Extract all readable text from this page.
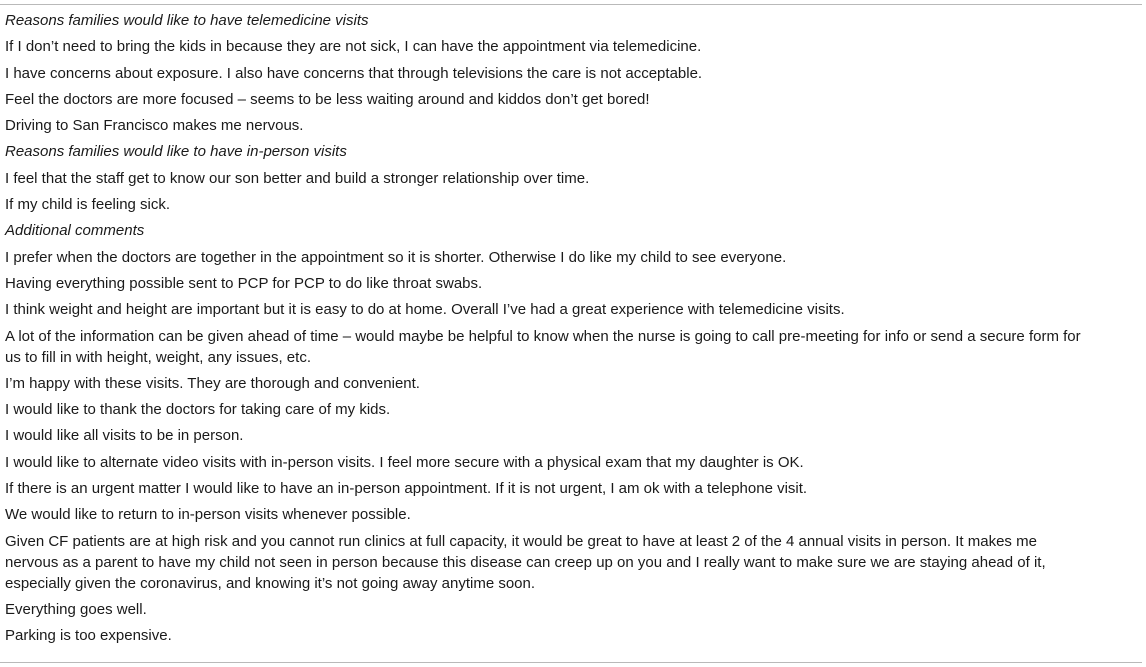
Reasons families would like to have telemedicine visits
If I don’t need to bring the kids in because they are not sick, I can have the appointment via telemedicine.
I have concerns about exposure. I also have concerns that through televisions the care is not acceptable.
Feel the doctors are more focused – seems to be less waiting around and kiddos don’t get bored!
Driving to San Francisco makes me nervous.
Reasons families would like to have in-person visits
I feel that the staff get to know our son better and build a stronger relationship over time.
If my child is feeling sick.
Additional comments
I prefer when the doctors are together in the appointment so it is shorter. Otherwise I do like my child to see everyone.
Having everything possible sent to PCP for PCP to do like throat swabs.
I think weight and height are important but it is easy to do at home. Overall I’ve had a great experience with telemedicine visits.
A lot of the information can be given ahead of time – would maybe be helpful to know when the nurse is going to call pre-meeting for info or send a secure form for us to fill in with height, weight, any issues, etc.
I’m happy with these visits. They are thorough and convenient.
I would like to thank the doctors for taking care of my kids.
I would like all visits to be in person.
I would like to alternate video visits with in-person visits. I feel more secure with a physical exam that my daughter is OK.
If there is an urgent matter I would like to have an in-person appointment. If it is not urgent, I am ok with a telephone visit.
We would like to return to in-person visits whenever possible.
Given CF patients are at high risk and you cannot run clinics at full capacity, it would be great to have at least 2 of the 4 annual visits in person. It makes me nervous as a parent to have my child not seen in person because this disease can creep up on you and I really want to make sure we are staying ahead of it, especially given the coronavirus, and knowing it’s not going away anytime soon.
Everything goes well.
Parking is too expensive.
